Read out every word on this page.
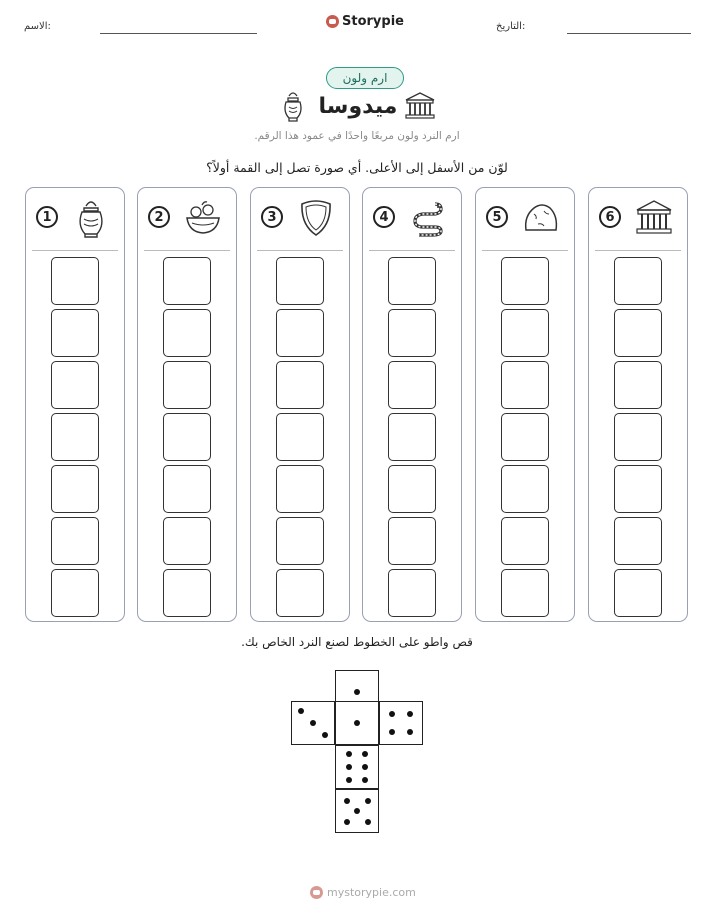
الاسم:	Storypie	التاريخ:
ارم ولون
ميدوسا
ارم النرد ولون مربعًا واحدًا في عمود هذا الرقم.
لوّن من الأسفل إلى الأعلى. أي صورة تصل إلى القمة أولاً؟
1	2	3	4	5	6
قص واطو على الخطوط لصنع النرد الخاص بك.
mystorypie.com
